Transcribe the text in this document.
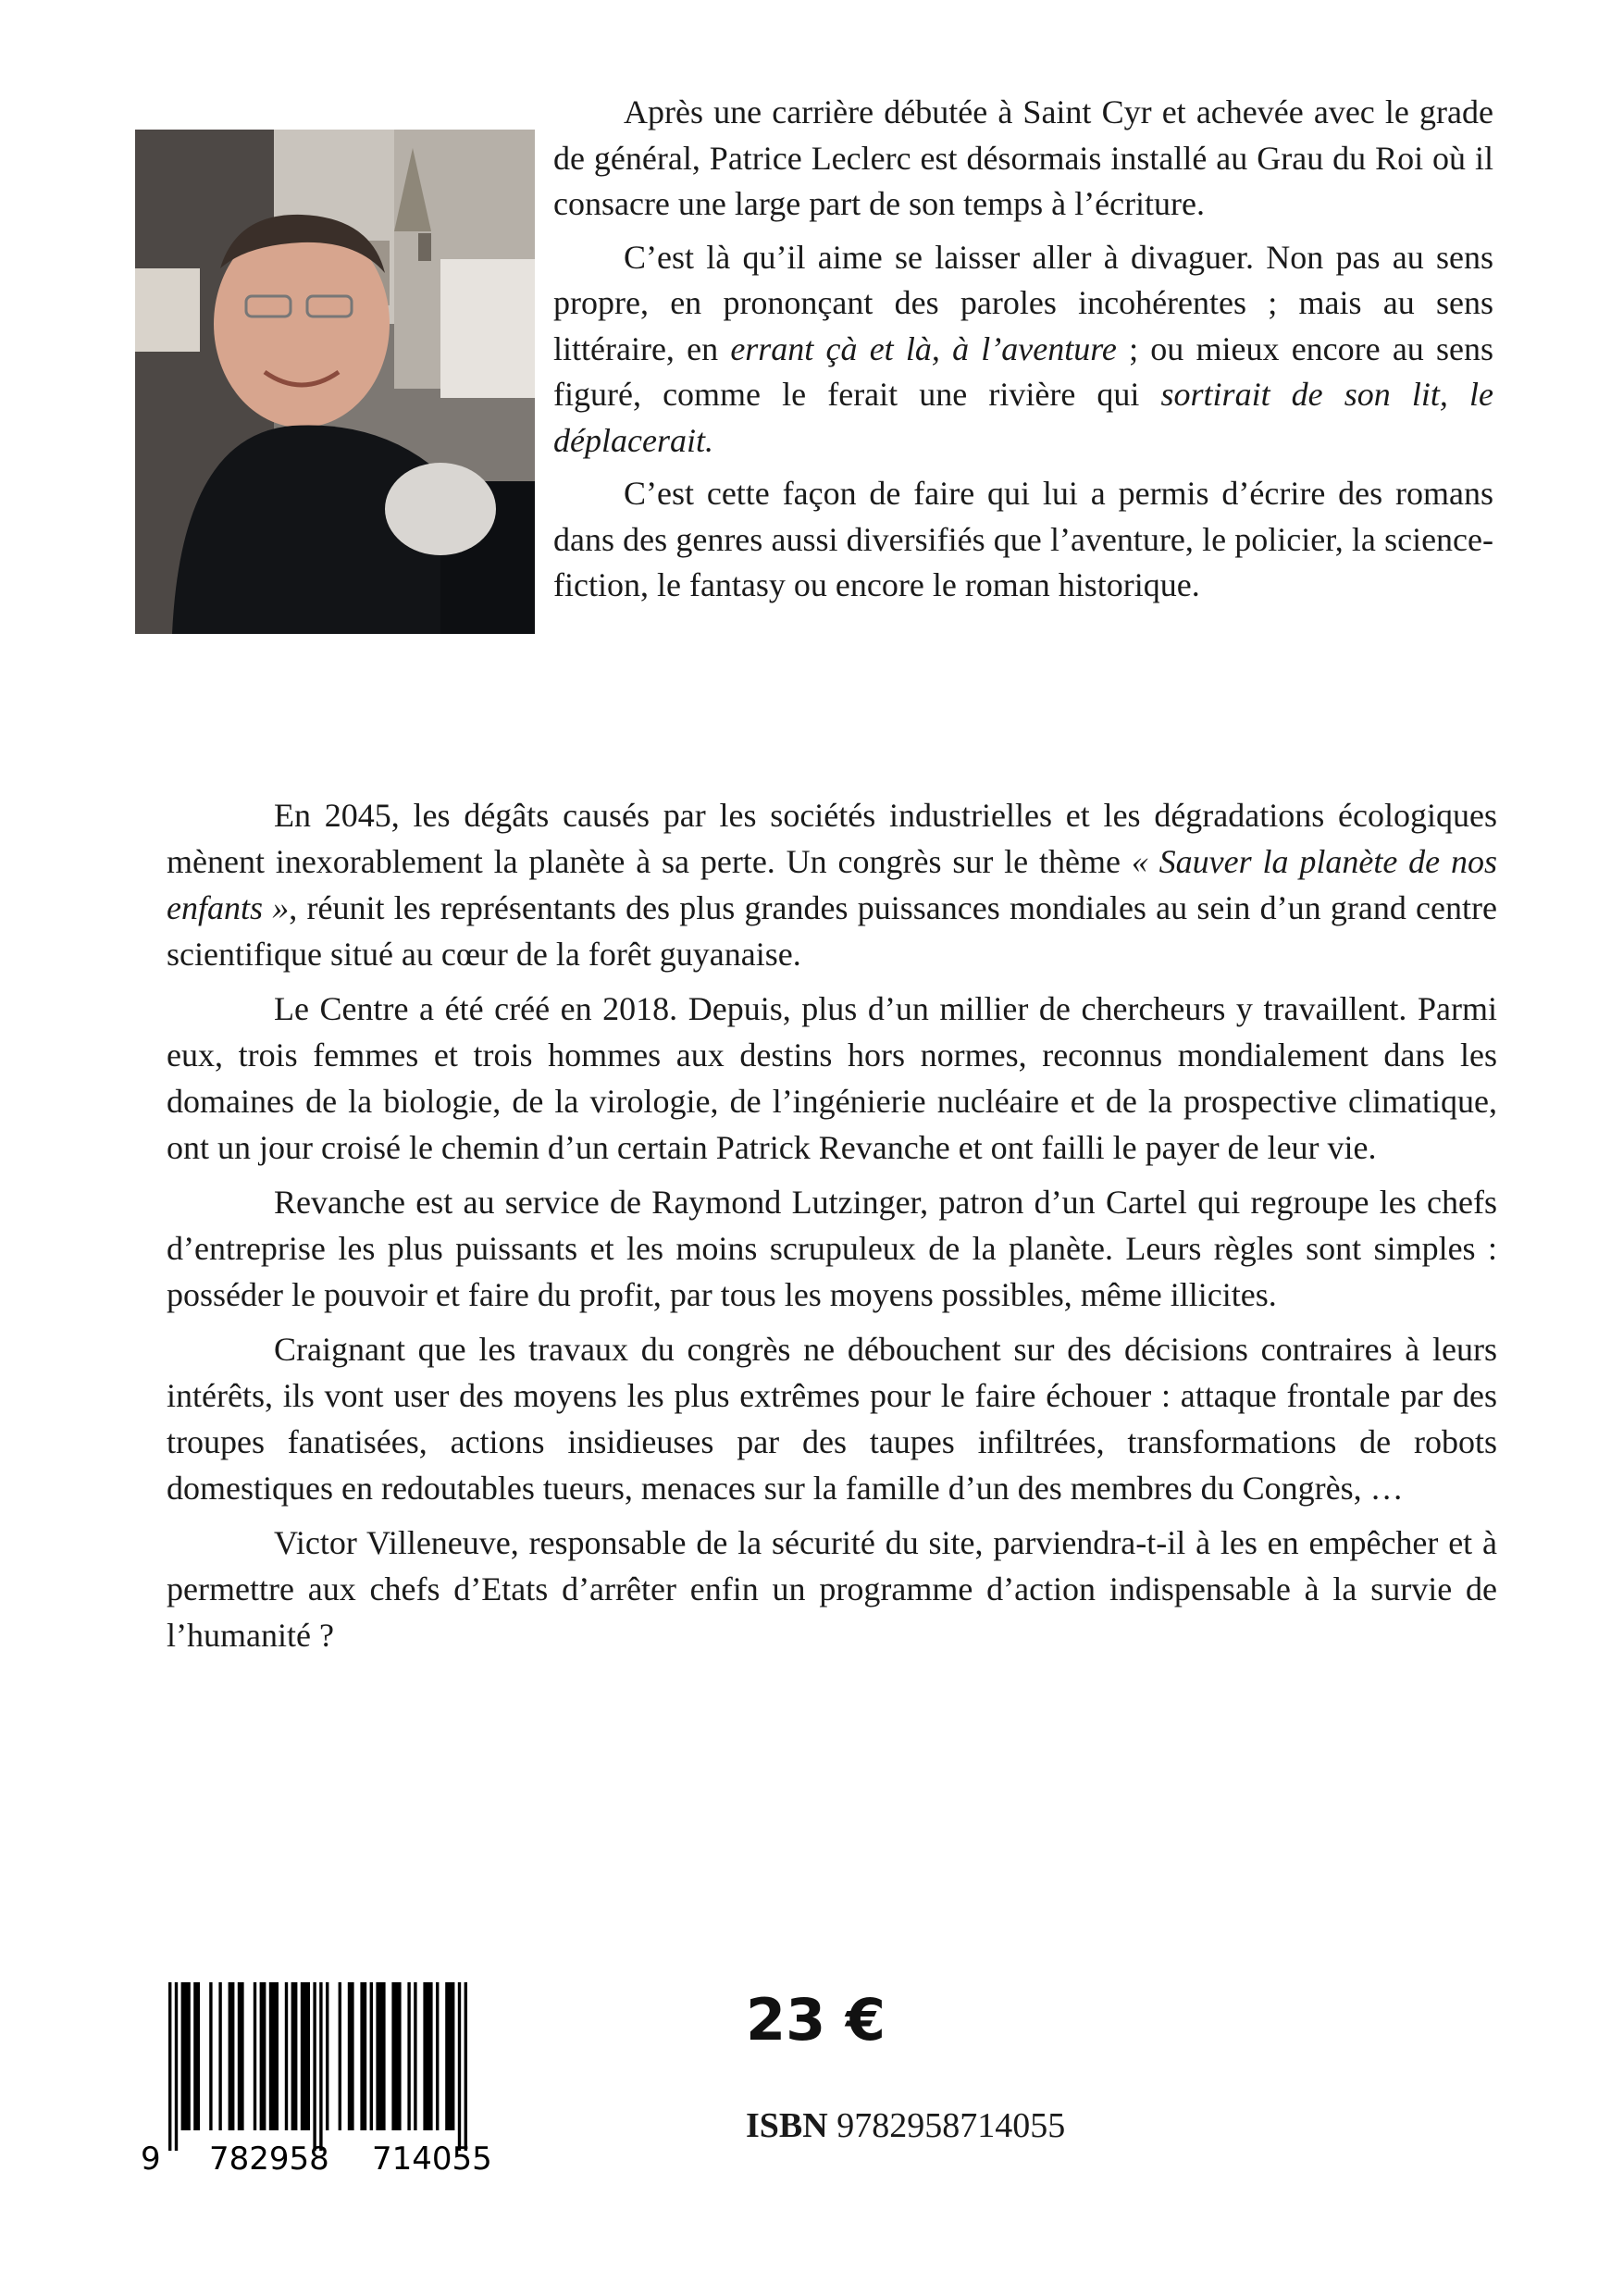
Après une carrière débutée à Saint Cyr et achevée avec le grade de général, Patrice Leclerc est désormais installé au Grau du Roi où il consacre une large part de son temps à l’écriture.

C’est là qu’il aime se laisser aller à divaguer. Non pas au sens propre, en prononçant des paroles incohérentes ; mais au sens littéraire, en errant çà et là, à l’aventure ; ou mieux encore au sens figuré, comme le ferait une rivière qui sortirait de son lit, le déplacerait.

C’est cette façon de faire qui lui a permis d’écrire des romans dans des genres aussi diversifiés que l’aventure, le policier, la science-fiction, le fantasy ou encore le roman historique.

En 2045, les dégâts causés par les sociétés industrielles et les dégradations écologiques mènent inexorablement la planète à sa perte. Un congrès sur le thème « Sauver la planète de nos enfants », réunit les représentants des plus grandes puissances mondiales au sein d’un grand centre scientifique situé au cœur de la forêt guyanaise.

Le Centre a été créé en 2018. Depuis, plus d’un millier de chercheurs y travaillent. Parmi eux, trois femmes et trois hommes aux destins hors normes, reconnus mondialement dans les domaines de la biologie, de la virologie, de l’ingénierie nucléaire et de la prospective climatique, ont un jour croisé le chemin d’un certain Patrick Revanche et ont failli le payer de leur vie.

Revanche est au service de Raymond Lutzinger, patron d’un Cartel qui regroupe les chefs d’entreprise les plus puissants et les moins scrupuleux de la planète. Leurs règles sont simples : posséder le pouvoir et faire du profit, par tous les moyens possibles, même illicites.

Craignant que les travaux du congrès ne débouchent sur des décisions contraires à leurs intérêts, ils vont user des moyens les plus extrêmes pour le faire échouer : attaque frontale par des troupes fanatisées, actions insidieuses par des taupes infiltrées, transformations de robots domestiques en redoutables tueurs, menaces sur la famille d’un des membres du Congrès, …

Victor Villeneuve, responsable de la sécurité du site, parviendra-t-il à les en empêcher et à permettre aux chefs d’Etats d’arrêter enfin un programme d’action indispensable à la survie de l’humanité ?

9 782958 714055
23 €
ISBN 9782958714055
